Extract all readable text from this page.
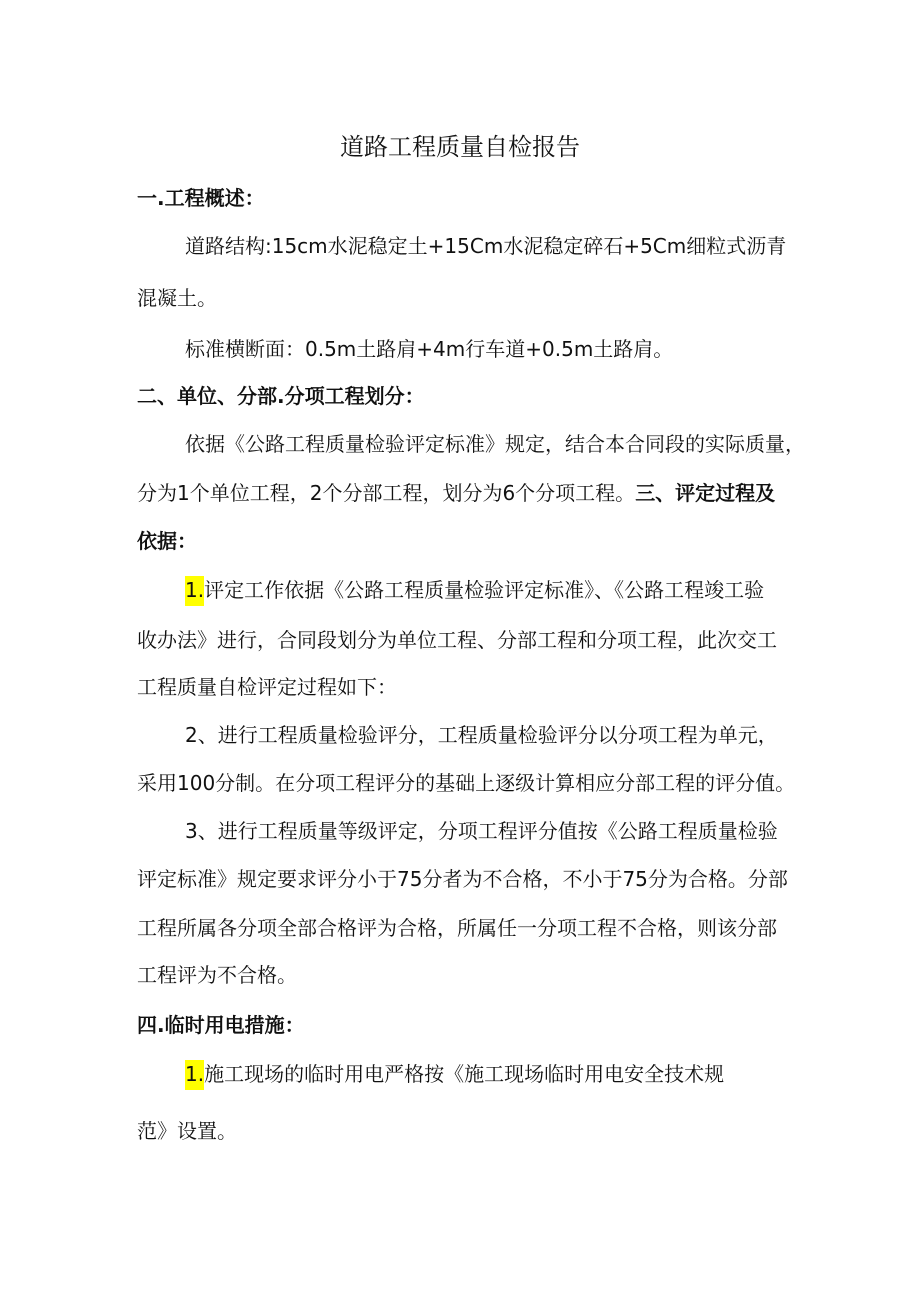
道路工程质量自检报告
一.工程概述：
道路结构:15cm水泥稳定土+15Cm水泥稳定碎石+5Cm细粒式沥青
混凝土。
标准横断面：0.5m土路肩+4m行车道+0.5m土路肩。
二、单位、分部.分项工程划分：
依据《公路工程质量检验评定标准》规定，结合本合同段的实际质量，
分为1个单位工程，2个分部工程，划分为6个分项工程。三、评定过程及
依据：
1.评定工作依据《公路工程质量检验评定标准》、《公路工程竣工验
收办法》进行，合同段划分为单位工程、分部工程和分项工程，此次交工
工程质量自检评定过程如下：
2、进行工程质量检验评分，工程质量检验评分以分项工程为单元，
采用100分制。在分项工程评分的基础上逐级计算相应分部工程的评分值。
3、进行工程质量等级评定，分项工程评分值按《公路工程质量检验
评定标准》规定要求评分小于75分者为不合格，不小于75分为合格。分部
工程所属各分项全部合格评为合格，所属任一分项工程不合格，则该分部
工程评为不合格。
四.临时用电措施：
1.施工现场的临时用电严格按《施工现场临时用电安全技术规
范》设置。
